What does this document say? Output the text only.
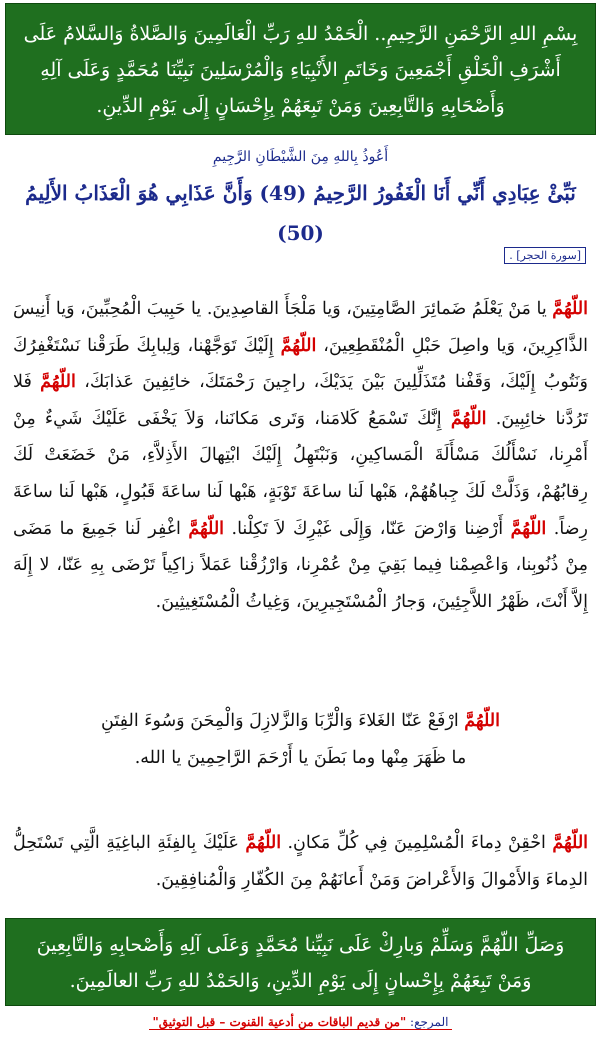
بِسْمِ اللهِ الرَّحْمَنِ الرَّحِيمِ.. الْحَمْدُ للهِ رَبِّ الْعَالَمِينَ وَالصَّلاةُ وَالسَّلامُ عَلَى أَشْرَفِ الْخَلْقِ أَجْمَعِينَ وَخَاتَمِ الأَنْبِيَاءِ وَالْمُرْسَلِينَ نَبِيِّنَا مُحَمَّدٍ وَعَلَى آلِهِ وَأَصْحَابِهِ وَالتَّابِعِينَ وَمَنْ تَبِعَهُمْ بِإِحْسَانٍ إِلَى يَوْمِ الدِّينِ.
أَعُوذُ بِاللهِ مِنَ الشَّيْطَانِ الرَّجِيمِ
نَبِّئْ عِبَادِي أَنِّي أَنَا الْغَفُورُ الرَّحِيمُ (49) وَأَنَّ عَذَابِي هُوَ الْعَذَابُ الأَلِيمُ (50)
[سورة الحجر] .
اللّهُمَّ يا مَنْ يَعْلَمُ ضَمائِرَ الصَّامِتِينَ، وَيا مَلْجَأَ القاصِدِينَ. يا حَبِيبَ الْمُحِبِّينَ، وَيا أَنِيسَ الذَّاكِرِينَ، وَيا واصِلَ حَبْلِ الْمُنْقَطِعِينَ، اللّهُمَّ إِلَيْكَ تَوَجَّهْنا، وَلِبابِكَ طَرَقْنا نَسْتَغْفِرُكَ وَنَتُوبُ إِلَيْكَ، وَقَفْنا مُتَذَلِّلِينَ بَيْنَ يَدَيْكَ، راجِينَ رَحْمَتَكَ، خائِفِينَ عَذابَكَ، اللّهُمَّ فَلا تَرُدَّنا خائِبِينَ. اللّهُمَّ إِنَّكَ تَسْمَعُ كَلامَنا، وَتَرى مَكانَنا، وَلاَ يَخْفَى عَلَيْكَ شَيءٌ مِنْ أَمْرِنا، نَسْأَلُكَ مَسْأَلَةَ الْمَساكِينِ، وَنَبْتَهِلُ إِلَيْكَ ابْتِهالَ الأَذِلاَّءِ، مَنْ خَضَعَتْ لَكَ رِقابُهُمْ، وَذَلَّتْ لَكَ جِباهُهُمْ، هَبْها لَنا ساعَةَ تَوْبَةٍ، هَبْها لَنا ساعَةَ قَبُولٍ، هَبْها لَنا ساعَةَ رِضاً. اللّهُمَّ أَرْضِنا وَارْضَ عَنّا، وَإِلَى غَيْرِكَ لاَ تَكِلْنا. اللّهُمَّ اغْفِر لَنا جَمِيعَ ما مَضَى مِنْ ذُنُوبِنا، وَاعْصِمْنا فِيما بَقِيَ مِنْ عُمْرِنا، وَارْزُقْنا عَمَلاً زاكِياً تَرْضَى بِهِ عَنّا، لا إِلَهَ إِلاَّ أَنْتَ، ظَهْرُ اللاَّجِئِينَ، وَجارُ الْمُسْتَجِيرِينَ، وَغِياثُ الْمُسْتَغِيثِينَ.
اللّهُمَّ ارْفَعْ عَنّا الغَلاءَ وَالْرِّبَا وَالزَّلازِلَ وَالْمِحَنَ وَسُوءَ الفِتَنِ
ما ظَهَرَ مِنْها وما بَطَنَ يا أَرْحَمَ الرَّاحِمِينَ يا الله.
اللّهُمَّ احْقِنْ دِماءَ الْمُسْلِمِينَ فِي كُلِّ مَكانٍ. اللّهُمَّ عَلَيْكَ بِالفِئَةِ الباغِيَةِ الَّتِي تَسْتَحِلُّ الدِماءَ وَالأَمْوالَ وَالأَعْراضَ وَمَنْ أَعانَهُمْ مِنَ الكُفّارِ وَالْمُنافِقِينَ.
وَصَلِّ اللّهُمَّ وَسَلِّمْ وَبارِكْ عَلَى نَبِيِّنا مُحَمَّدٍ وَعَلَى آلِهِ وَأَصْحابِهِ وَالتَّابِعِينَ وَمَنْ تَبِعَهُمْ بِإِحْسانٍ إِلَى يَوْمِ الدِّينِ، وَالحَمْدُ للهِ رَبِّ العالَمِينَ.
المرجع: "من قديم الباقات من أدعية القنوت – قبل التوثيق"
